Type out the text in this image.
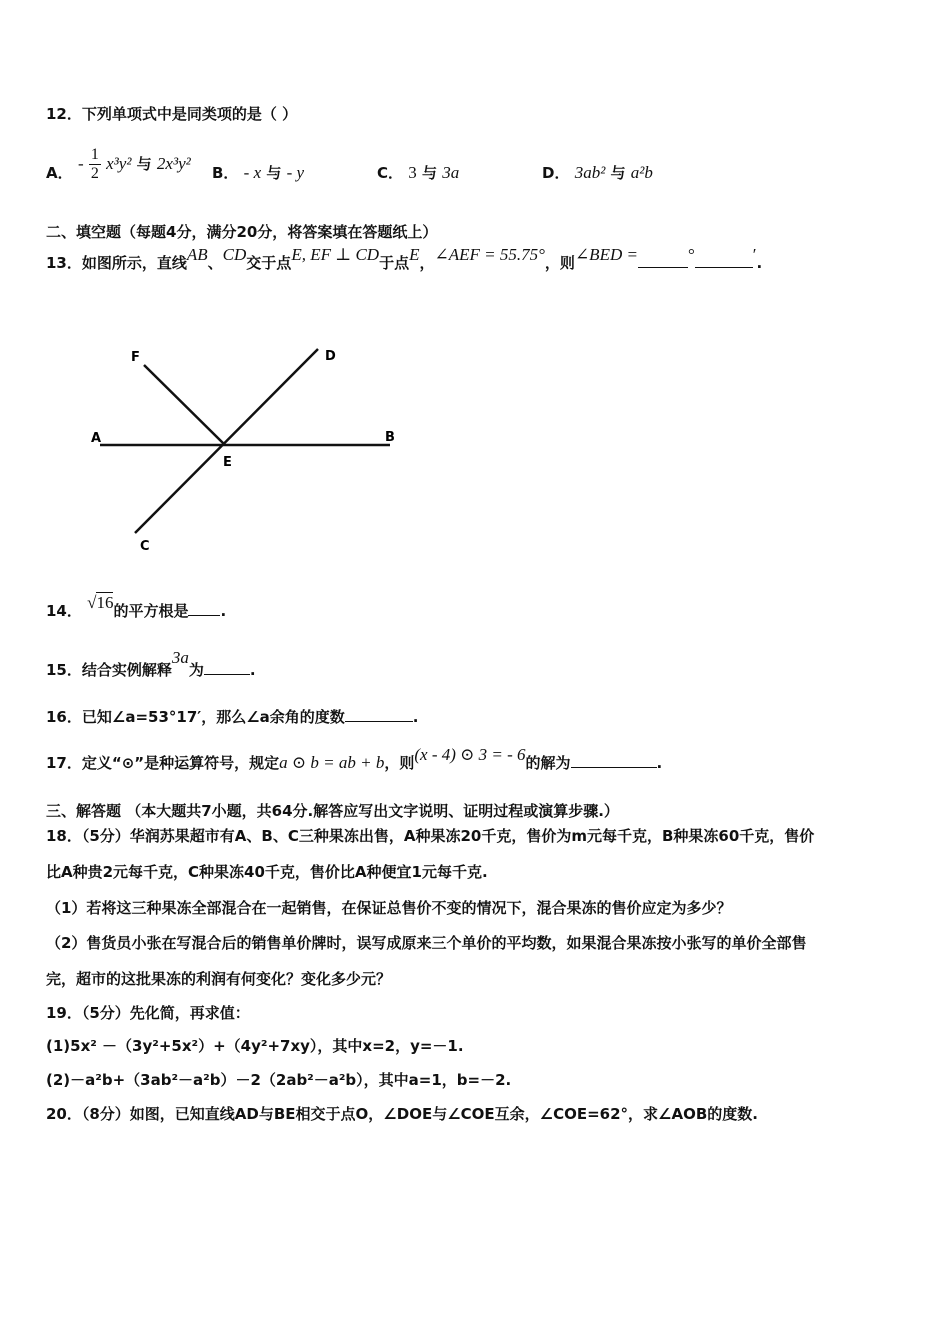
12．下列单项式中是同类项的是（ ）
A． - $\frac{1}{2} x^3y^2$ 与 2x³y² B． - x 与 - y	C． 3 与 3a	D． 3ab² 与 a²b
二、填空题（每题4分，满分20分，将答案填在答题纸上）
13．如图所示，直线AB、CD交于点E, EF ⊥ CD于点E，∠AEF = 55.75°，则∠BED =	°	′.
F	D
A	B
E
C
14． √16的平方根是 .
15．结合实例解释3a为	.
16．已知∠a=53°17′，那么∠a余角的度数	.
17．定义“⊙”是种运算符号，规定a ⊙ b = ab + b，则(x - 4) ⊙ 3 = - 6的解为	.
三、解答题 （本大题共7小题，共64分.解答应写出文字说明、证明过程或演算步骤.）
18．（5分）华润苏果超市有A、B、C三种果冻出售，A种果冻20千克，售价为m元每千克，B种果冻60千克，售价
比A种贵2元每千克，C种果冻40千克，售价比A种便宜1元每千克.
（1）若将这三种果冻全部混合在一起销售，在保证总售价不变的情况下，混合果冻的售价应定为多少？
（2）售货员小张在写混合后的销售单价牌时，误写成原来三个单价的平均数，如果混合果冻按小张写的单价全部售
完，超市的这批果冻的利润有何变化？变化多少元？
19．（5分）先化简，再求值：
(1)5x² －（3y²+5x²）+（4y²+7xy），其中x=2，y=－1.
(2)－a²b+（3ab²－a²b）－2（2ab²－a²b），其中a=1，b=－2.
20．（8分）如图，已知直线AD与BE相交于点O，∠DOE与∠COE互余，∠COE=62°，求∠AOB的度数.
